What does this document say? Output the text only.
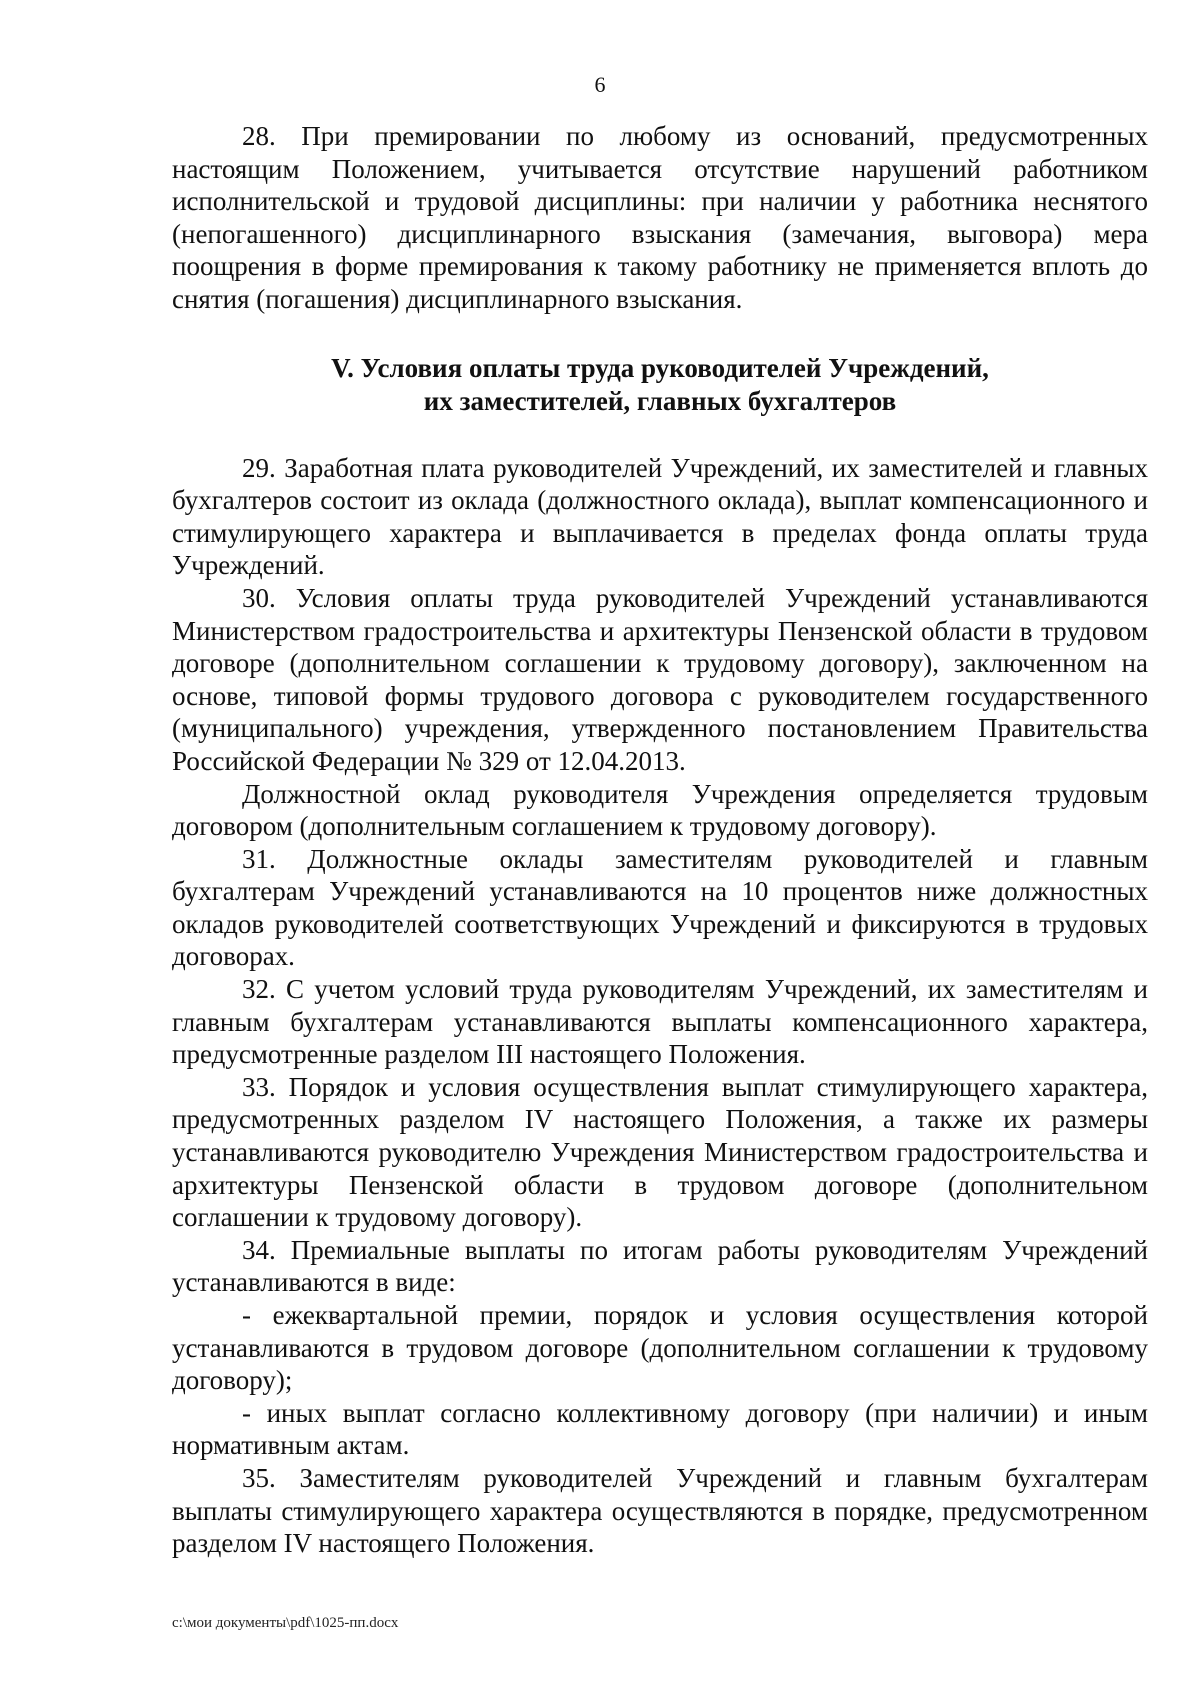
6

28. При премировании по любому из оснований, предусмотренных настоящим Положением, учитывается отсутствие нарушений работником исполнительской и трудовой дисциплины: при наличии у работника неснятого (непогашенного) дисциплинарного взыскания (замечания, выговора) мера поощрения в форме премирования к такому работнику не применяется вплоть до снятия (погашения) дисциплинарного взыскания.

V. Условия оплаты труда руководителей Учреждений,
их заместителей, главных бухгалтеров

29. Заработная плата руководителей Учреждений, их заместителей и главных бухгалтеров состоит из оклада (должностного оклада), выплат компенсационного и стимулирующего характера и выплачивается в пределах фонда оплаты труда Учреждений.

30. Условия оплаты труда руководителей Учреждений устанавливаются Министерством градостроительства и архитектуры Пензенской области в трудовом договоре (дополнительном соглашении к трудовому договору), заключенном на основе, типовой формы трудового договора с руководителем государственного (муниципального) учреждения, утвержденного постановлением Правительства Российской Федерации № 329 от 12.04.2013.

Должностной оклад руководителя Учреждения определяется трудовым договором (дополнительным соглашением к трудовому договору).

31. Должностные оклады заместителям руководителей и главным бухгалтерам Учреждений устанавливаются на 10 процентов ниже должностных окладов руководителей соответствующих Учреждений и фиксируются в трудовых договорах.

32. С учетом условий труда руководителям Учреждений, их заместителям и главным бухгалтерам устанавливаются выплаты компенсационного характера, предусмотренные разделом III настоящего Положения.

33. Порядок и условия осуществления выплат стимулирующего характера, предусмотренных разделом IV настоящего Положения, а также их размеры устанавливаются руководителю Учреждения Министерством градостроительства и архитектуры Пензенской области в трудовом договоре (дополнительном соглашении к трудовому договору).

34. Премиальные выплаты по итогам работы руководителям Учреждений устанавливаются в виде:

- ежеквартальной премии, порядок и условия осуществления которой устанавливаются в трудовом договоре (дополнительном соглашении к трудовому договору);

- иных выплат согласно коллективному договору (при наличии) и иным нормативным актам.

35. Заместителям руководителей Учреждений и главным бухгалтерам выплаты стимулирующего характера осуществляются в порядке, предусмотренном разделом IV настоящего Положения.

c:\мои документы\pdf\1025-пп.docx
